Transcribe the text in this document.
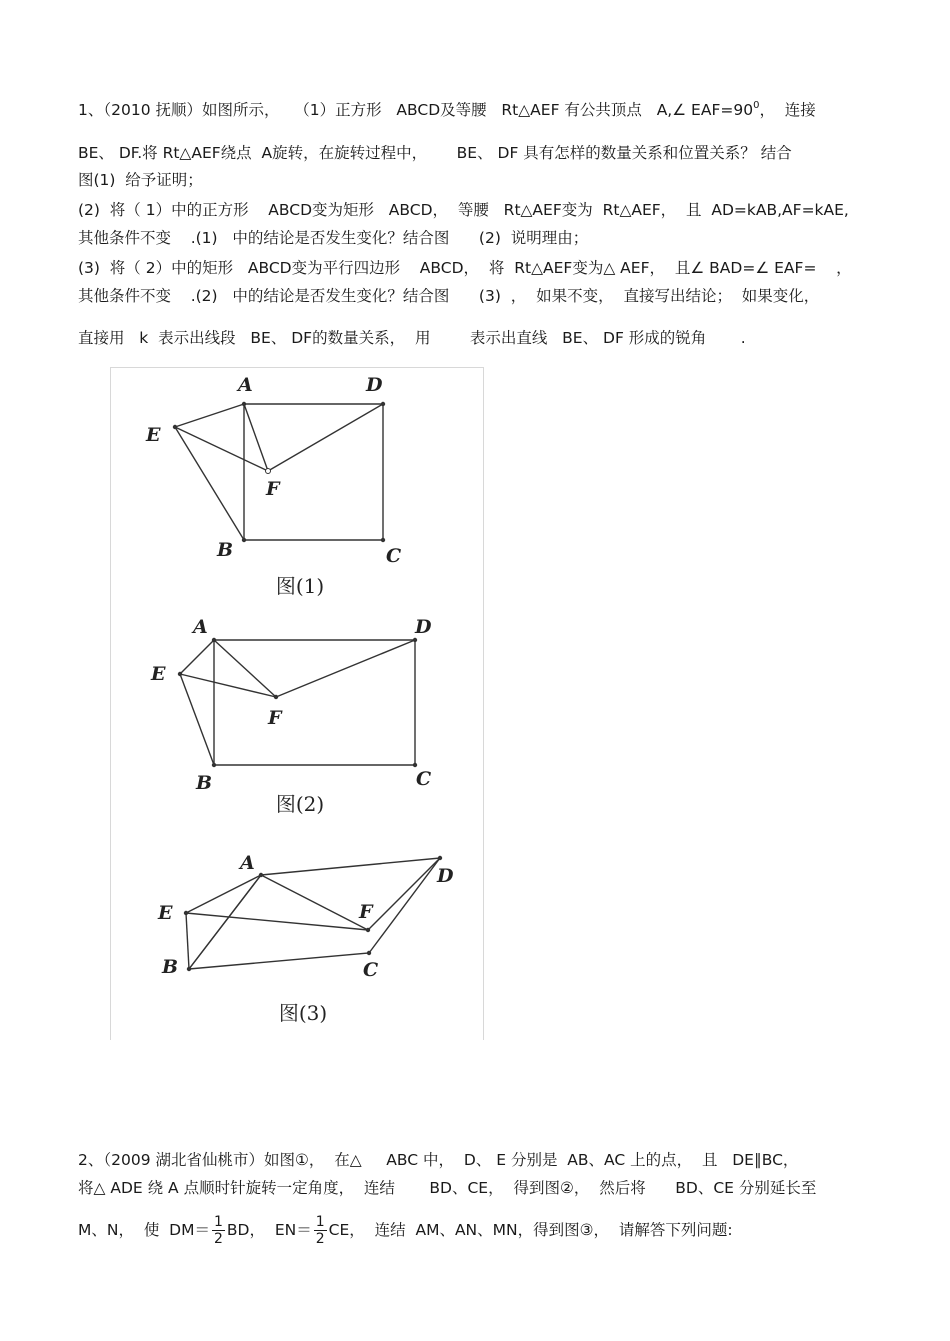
1、（2010 抚顺）如图所示，   （1）正方形   ABCD及等腰   Rt△AEF 有公共顶点   A,∠ $EAF=90^0$，  连接
BE、 DF.将 Rt△AEF绕点  A旋转，在旋转过程中，      BE、 DF 具有怎样的数量关系和位置关系？ 结合
图(1)  给予证明；
(2)  将（ 1）中的正方形    ABCD变为矩形   ABCD，  等腰   Rt△AEF变为  Rt△AEF，  且  AD=kAB,AF=kAE,
其他条件不变    .(1)   中的结论是否发生变化？结合图      (2)  说明理由；
(3)  将（ 2）中的矩形   ABCD变为平行四边形    ABCD，  将  Rt△AEF变为△ AEF，  且∠ BAD=∠ EAF=    ，
其他条件不变    .(2)   中的结论是否发生变化？结合图      (3)  ，  如果不变，  直接写出结论；  如果变化，
直接用   k  表示出线段   BE、 DF的数量关系，  用        表示出直线   BE、 DF 形成的锐角       .
A	D
E
F
B	C
图(1)
A	D
E
F
B	C
图(2)
A
D
E	F
B	C
图(3)
2、（2009 湖北省仙桃市）如图①，  在△     ABC 中，  D、 E 分别是  AB、AC 上的点，  且   DE∥BC，
将△ ADE 绕 A 点顺时针旋转一定角度，  连结       BD、CE，  得到图②，  然后将      BD、CE 分别延长至
M、N，  使  $DM= \frac{1}{2}$ BD，  $EN= \frac{1}{2}$ CE，  连结  AM、AN、MN，得到图③，  请解答下列问题:
